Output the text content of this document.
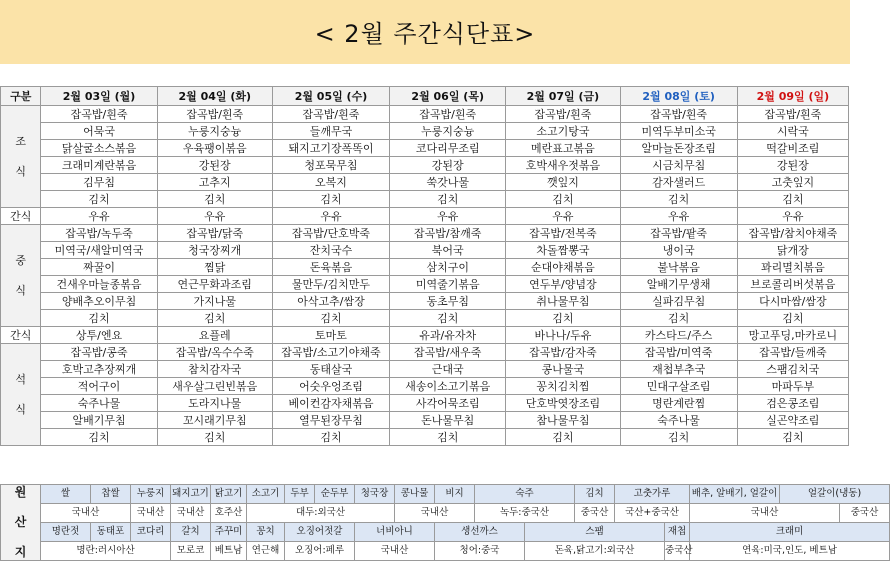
< 2월 주간식단표>
구분	2월 03일 (월)	2월 04일 (화)	2월 05일 (수)	2월 06일 (목)	2월 07일 (금)	2월 08일 (토)	2월 09일 (일)

조

식	잡곡밥/흰죽	잡곡밥/흰죽	잡곡밥/흰죽	잡곡밥/흰죽	잡곡밥/흰죽	잡곡밥/흰죽	잡곡밥/흰죽
	어묵국	누룽지숭늉	들깨무국	누룽지숭늉	소고기탕국	미역두부미소국	시락국
	닭살굴소스볶음	우육팽이볶음	돼지고기장폭똑이	코다리무조림	메란표고볶음	알마늘돈장조림	떡갈비조림
	크래미계란볶음	강된장	청포묵무침	강된장	호박새우젓볶음	시금치무침	강된장
	김무침	고추지	오복지	쑥갓나물	깻잎지	감자샐러드	고춧잎지
	김치	김치	김치	김치	김치	김치	김치
간식	우유	우유	우유	우유	우유	우유	우유

중

식	잡곡밥/녹두죽	잡곡밥/닭죽	잡곡밥/단호박죽	잡곡밥/참깨죽	잡곡밥/전복죽	잡곡밥/팥죽	잡곡밥/참치야채죽
	미역국/새알미역국	청국장찌개	잔치국수	북어국	차돌짬뽕국	냉이국	닭개장
	짜꿀이	찜닭	돈육볶음	삼치구이	순대야채볶음	불낙볶음	꽈리멸치볶음
	건새우마늘종볶음	연근무화과조림	물만두/김치만두	미역줄기볶음	연두부/양념장	알배기무생채	브로콜리버섯볶음
	양배추오이무침	가지나물	아삭고추/쌈장	동초무침	취나물무침	실파김무침	다시마쌈/쌈장
	김치	김치	김치	김치	김치	김치	김치
간식	상투/엔요	요플레	토마토	유과/유자차	바나나/두유	카스타드/주스	망고푸딩,마카로니

석

식	잡곡밥/콩죽	잡곡밥/옥수수죽	잡곡밥/소고기야채죽	잡곡밥/새우죽	잡곡밥/감자죽	잡곡밥/미역죽	잡곡밥/들깨죽
	호박고추장찌개	참치감자국	동태살국	근대국	콩나물국	재첩부추국	스팸김치국
	적어구이	새우살그린빈볶음	어숫우엉조림	새송이소고기볶음	꽁치김치찜	민대구살조림	마파두부
	숙주나물	도라지나물	베이컨감자채볶음	사각어묵조림	단호박엿장조림	명란계란찜	검은콩조림
	알배기무침	꼬시래기무침	열무된장무침	돈나물무침	참나물무침	숙주나물	실곤약조림
	김치	김치	김치	김치	김치	김치	김치
원

산

지	쌀	찹쌀	누룽지	돼지고기	닭고기	소고기	두부	순두부	청국장	콩나물	비지	숙주		김치	고춧가루		배추, 알배기, 얼갈이	얼갈이(냉동)	
	국내산		국내산	국내산	호주산	대두:외국산				국내산		녹두:중국산		중국산	국산+중국산		국내산		중국산
	명란젓	동태포	코다리	갈치	주꾸미	꽁치	오징어젓갈		너비아니		생선까스		스팸			재첩	크래미		
	명란:러시아산			모로코	베트남	연근해	오징어:페루		국내산		청어:중국		돈육,닭고기:외국산			중국산	연육:미국,인도, 베트남		
